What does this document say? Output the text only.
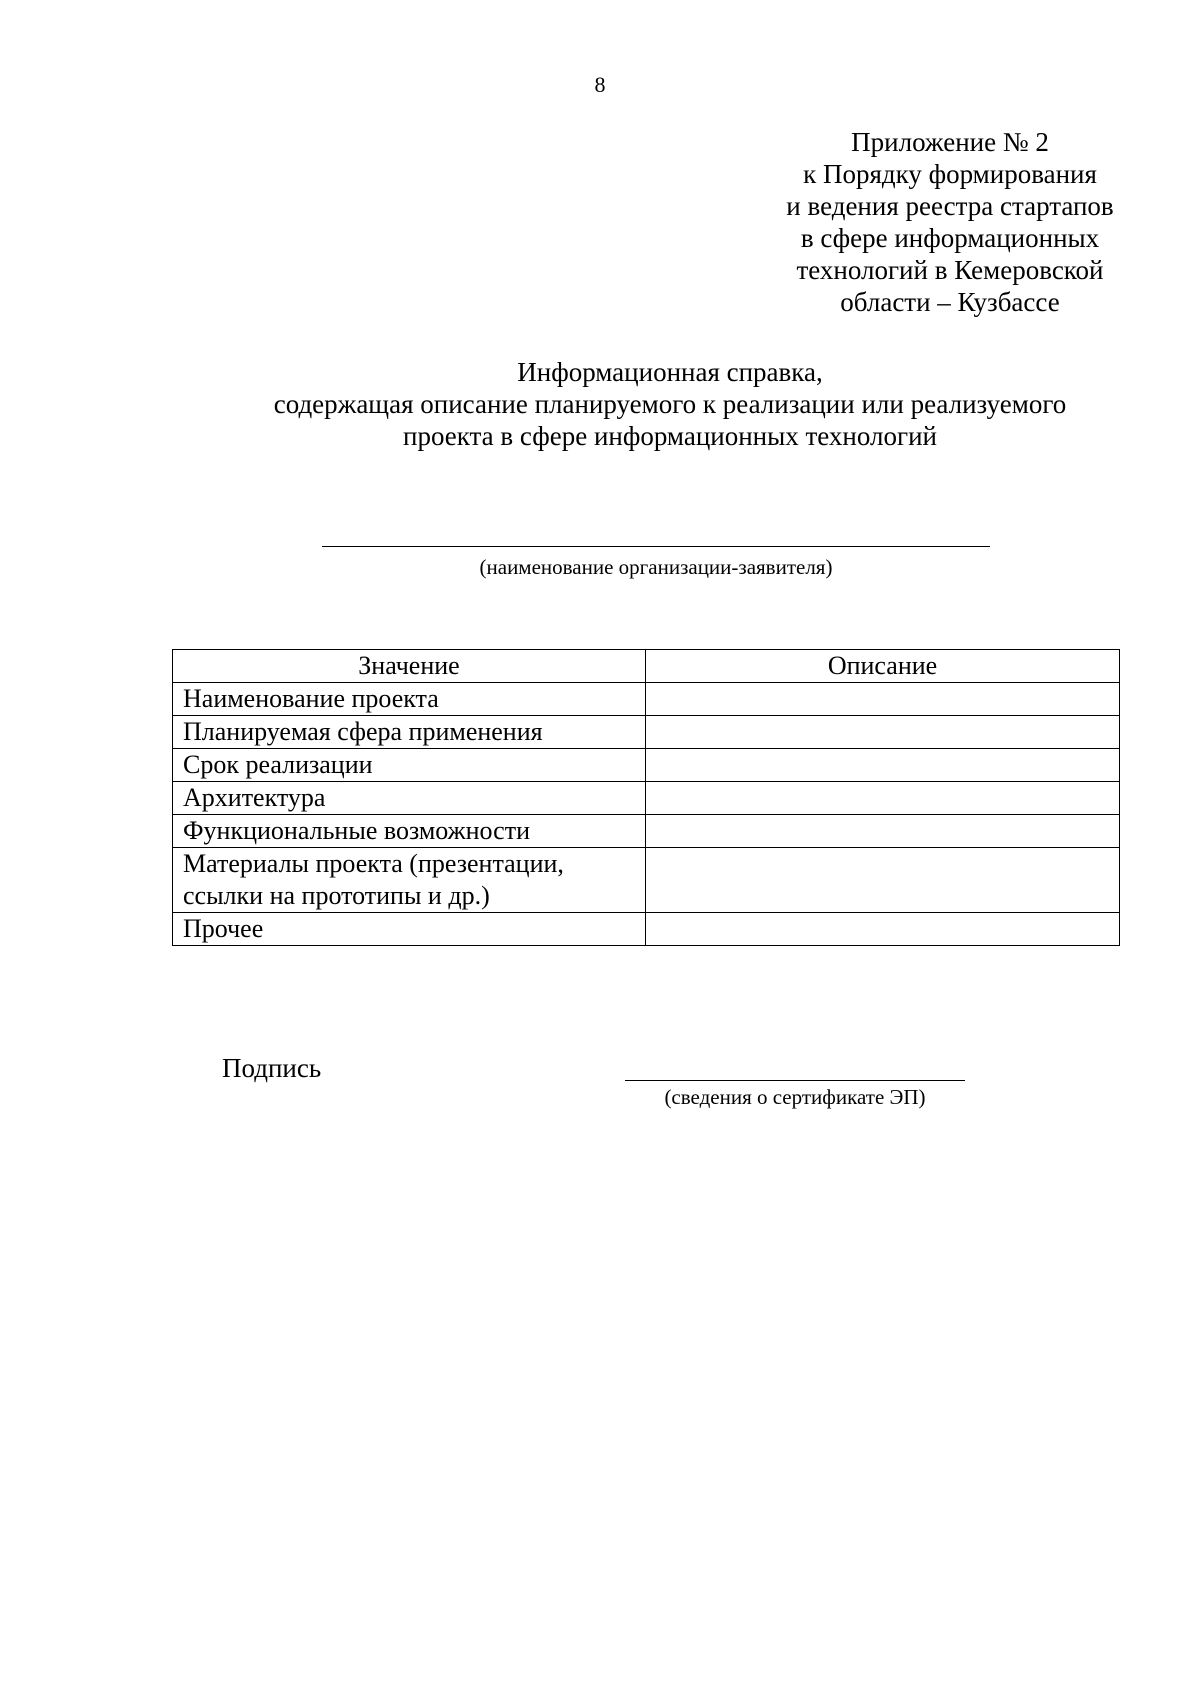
8
Приложение № 2
к Порядку формирования
и ведения реестра стартапов
в сфере информационных
технологий в Кемеровской
области – Кузбассе
Информационная справка,
содержащая описание планируемого к реализации или реализуемого
проекта в сфере информационных технологий
(наименование организации-заявителя)
Значение	Описание
Наименование проекта	
Планируемая сфера применения	
Срок реализации	
Архитектура	
Функциональные возможности	
Материалы проекта (презентации, ссылки на прототипы и др.)	
Прочее	
Подпись
(сведения о сертификате ЭП)
